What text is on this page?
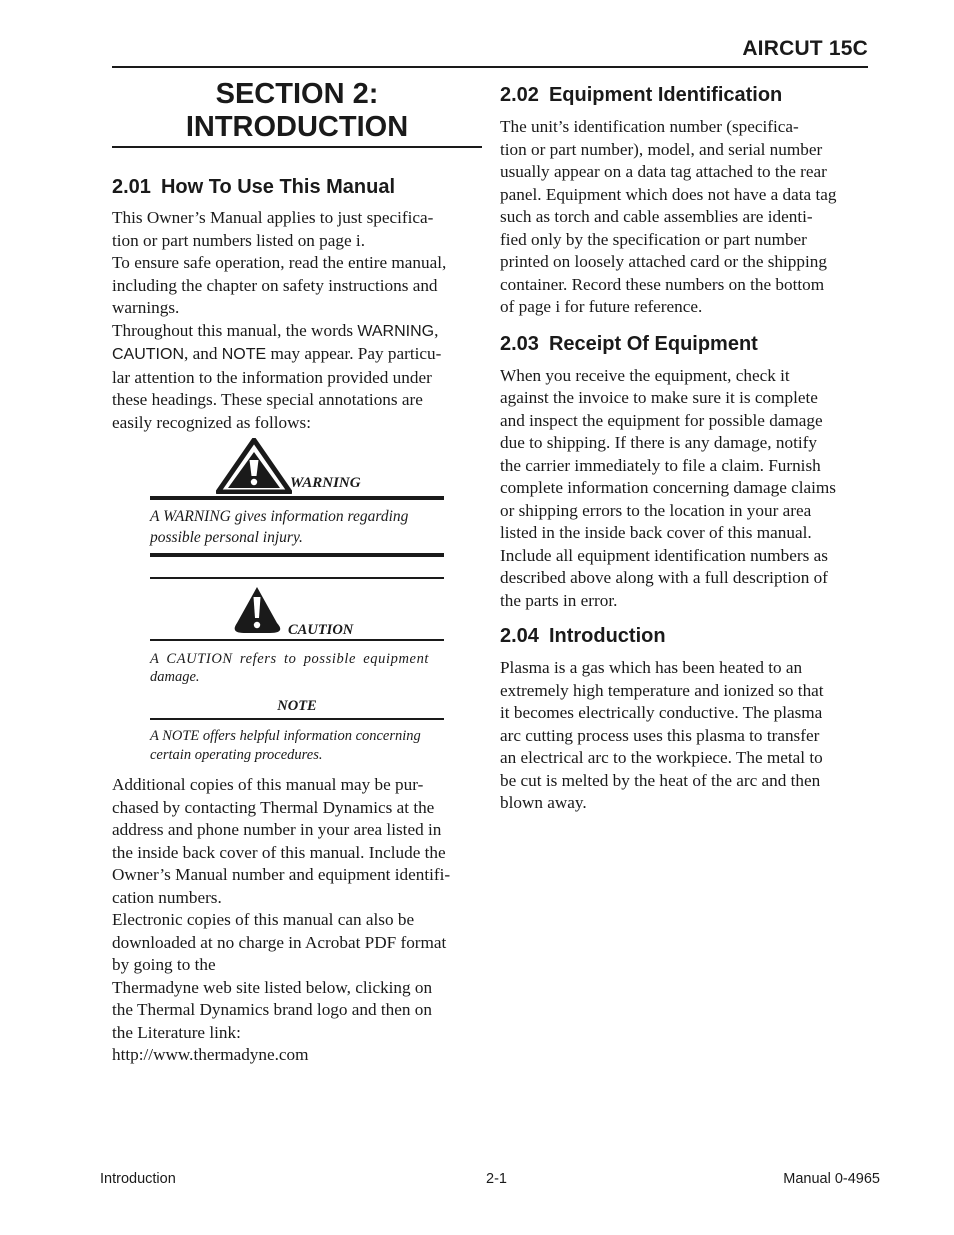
AIRCUT 15C
SECTION 2:
INTRODUCTION
2.01 How To Use This Manual
This Owner’s Manual applies to just specifica-
tion or part numbers listed on page i.
To ensure safe operation, read the entire manual,
including the chapter on safety instructions and
warnings.
Throughout this manual, the words WARNING,
CAUTION, and NOTE may appear. Pay particu-
lar attention to the information provided under
these headings. These special annotations are
easily recognized as follows:
WARNING
A WARNING gives information regarding
possible personal injury.
CAUTION
A CAUTION refers to possible equipment
damage.
NOTE
A NOTE offers helpful information concerning
certain operating procedures.
Additional copies of this manual may be pur-
chased by contacting Thermal Dynamics at the
address and phone number in your area listed in
the inside back cover of this manual. Include the
Owner’s Manual number and equipment identifi-
cation numbers.
Electronic copies of this manual can also be
downloaded at no charge in Acrobat PDF format
by going to the
Thermadyne web site listed below, clicking on
the Thermal Dynamics brand logo and then on
the Literature link:
http://www.thermadyne.com
2.02 Equipment Identification
The unit’s identification number (specifica-
tion or part number), model, and serial number
usually appear on a data tag attached to the rear
panel. Equipment which does not have a data tag
such as torch and cable assemblies are identi-
fied only by the specification or part number
printed on loosely attached card or the shipping
container. Record these numbers on the bottom
of page i for future reference.
2.03 Receipt Of Equipment
When you receive the equipment, check it
against the invoice to make sure it is complete
and inspect the equipment for possible damage
due to shipping. If there is any damage, notify
the carrier immediately to file a claim. Furnish
complete information concerning damage claims
or shipping errors to the location in your area
listed in the inside back cover of this manual.
Include all equipment identification numbers as
described above along with a full description of
the parts in error.
2.04 Introduction
Plasma is a gas which has been heated to an
extremely high temperature and ionized so that
it becomes electrically conductive. The plasma
arc cutting process uses this plasma to transfer
an electrical arc to the workpiece. The metal to
be cut is melted by the heat of the arc and then
blown away.
Introduction	2-1	Manual 0-4965
